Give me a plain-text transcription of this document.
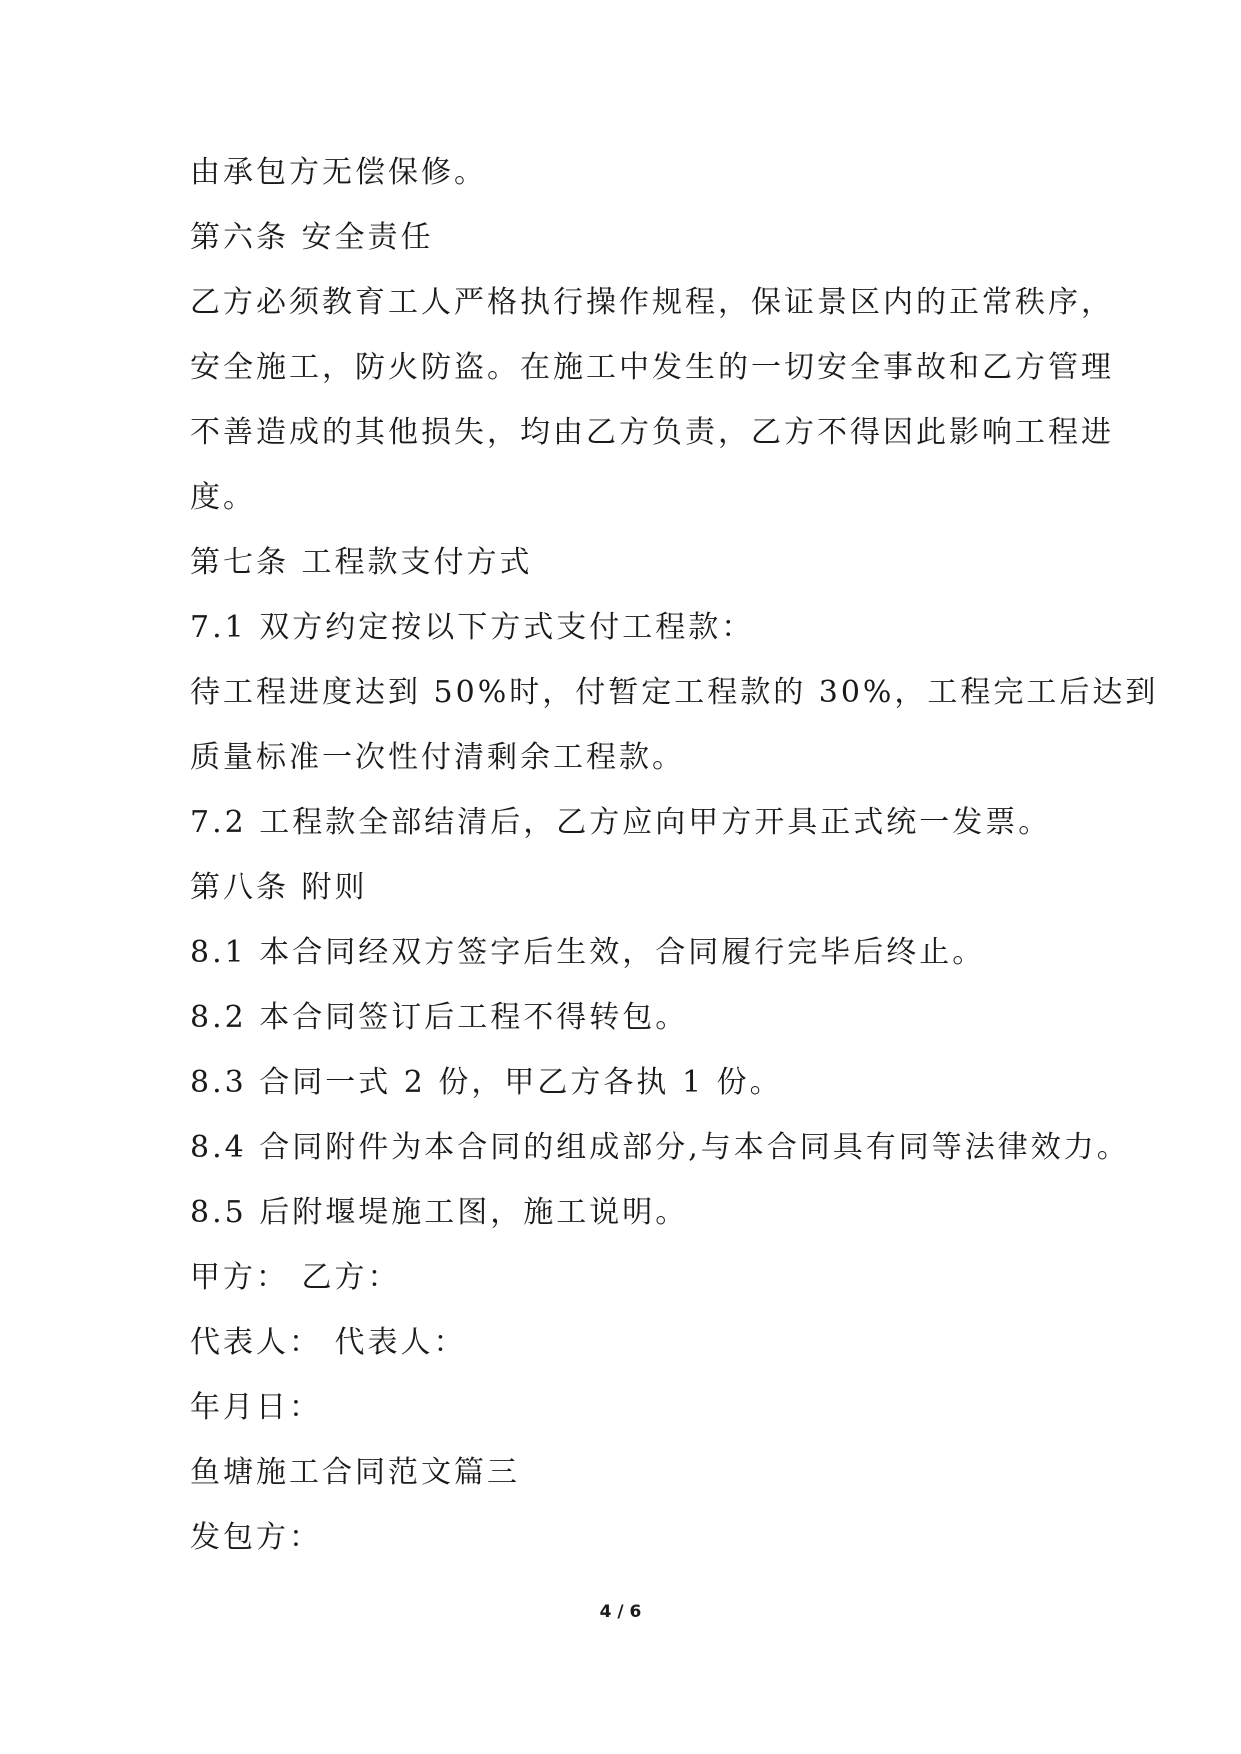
由承包方无偿保修。
第六条 安全责任
乙方必须教育工人严格执行操作规程，保证景区内的正常秩序，
安全施工，防火防盗。在施工中发生的一切安全事故和乙方管理
不善造成的其他损失，均由乙方负责，乙方不得因此影响工程进
度。
第七条 工程款支付方式
7.1 双方约定按以下方式支付工程款：
待工程进度达到 50%时，付暂定工程款的 30%，工程完工后达到
质量标准一次性付清剩余工程款。
7.2 工程款全部结清后，乙方应向甲方开具正式统一发票。
第八条 附则
8.1 本合同经双方签字后生效，合同履行完毕后终止。
8.2 本合同签订后工程不得转包。
8.3 合同一式 2 份，甲乙方各执 1 份。
8.4 合同附件为本合同的组成部分,与本合同具有同等法律效力。
8.5 后附堰堤施工图，施工说明。
甲方： 乙方：
代表人： 代表人：
年月日：
鱼塘施工合同范文篇三
发包方：
4 / 6
